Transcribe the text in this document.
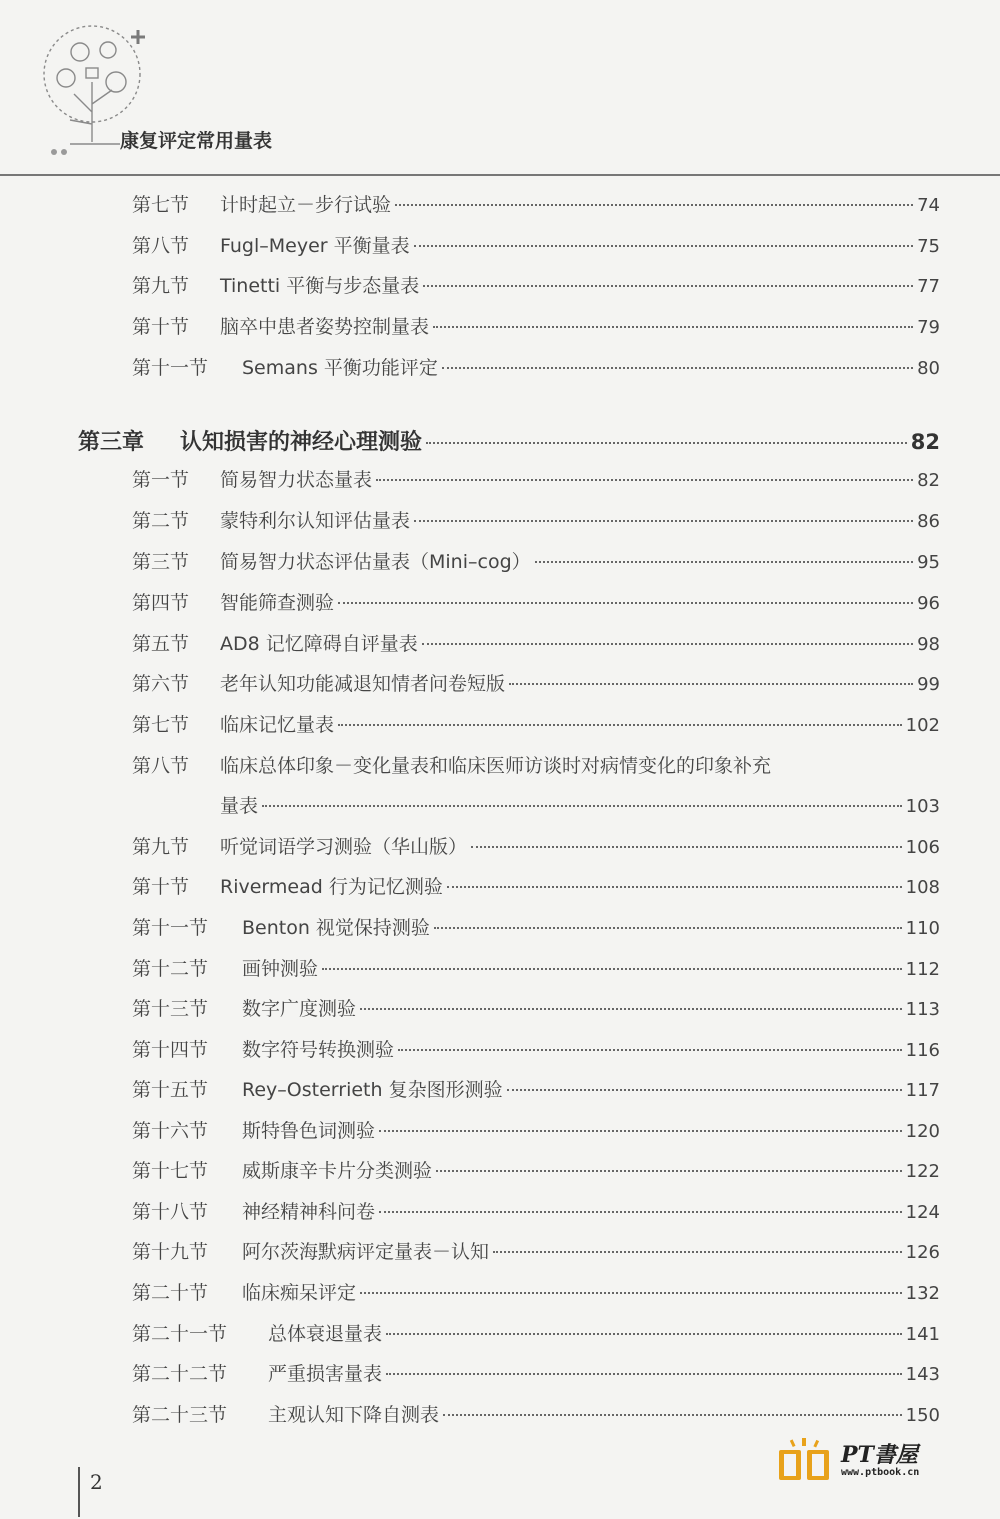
康复评定常用量表
第七节	计时起立－步行试验	74
第八节	Fugl–Meyer 平衡量表	75
第九节	Tinetti 平衡与步态量表	77
第十节	脑卒中患者姿势控制量表	79
第十一节	Semans 平衡功能评定	80
第三章	认知损害的神经心理测验	82
第一节	简易智力状态量表	82
第二节	蒙特利尔认知评估量表	86
第三节	简易智力状态评估量表（Mini–cog）	95
第四节	智能筛查测验	96
第五节	AD8 记忆障碍自评量表	98
第六节	老年认知功能减退知情者问卷短版	99
第七节	临床记忆量表	102
第八节	临床总体印象－变化量表和临床医师访谈时对病情变化的印象补充
量表	103
第九节	听觉词语学习测验（华山版）	106
第十节	Rivermead 行为记忆测验	108
第十一节	Benton 视觉保持测验	110
第十二节	画钟测验	112
第十三节	数字广度测验	113
第十四节	数字符号转换测验	116
第十五节	Rey–Osterrieth 复杂图形测验	117
第十六节	斯特鲁色词测验	120
第十七节	威斯康辛卡片分类测验	122
第十八节	神经精神科问卷	124
第十九节	阿尔茨海默病评定量表－认知	126
第二十节	临床痴呆评定	132
第二十一节	总体衰退量表	141
第二十二节	严重损害量表	143
第二十三节	主观认知下降自测表	150
2
PT書屋
www.ptbook.cn
